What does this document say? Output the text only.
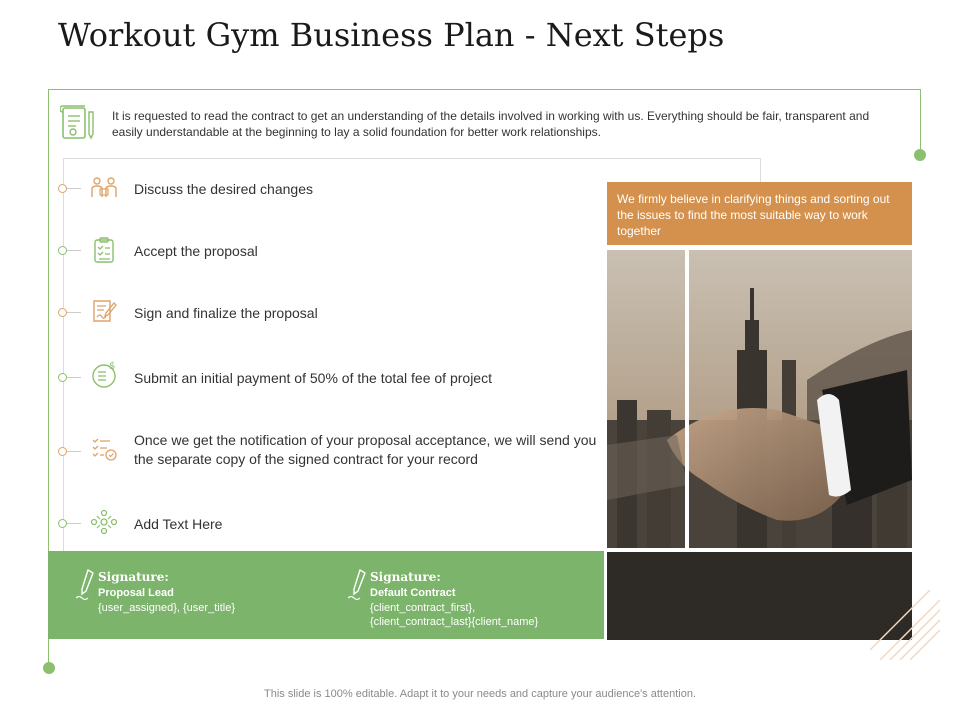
Workout Gym Business Plan - Next Steps

It is requested to read the contract to get an understanding of the details involved in working with us. Everything should be fair, transparent and easily understandable at the beginning to lay a solid foundation for better work relationships.

Discuss the desired changes
Accept the proposal
Sign and finalize the proposal
$
Submit an initial payment of 50% of the total fee of project
Once we get the notification of your proposal acceptance, we will send you the separate copy of the signed contract for your record
Add Text Here
Signature:
Proposal Lead
{user_assigned}, {user_title}
Signature:
Default Contract
{client_contract_first},
{client_contract_last}{client_name}
We firmly believe in clarifying things and sorting out the issues to find the most suitable way to work together
This slide is 100% editable. Adapt it to your needs and capture your audience's attention.
